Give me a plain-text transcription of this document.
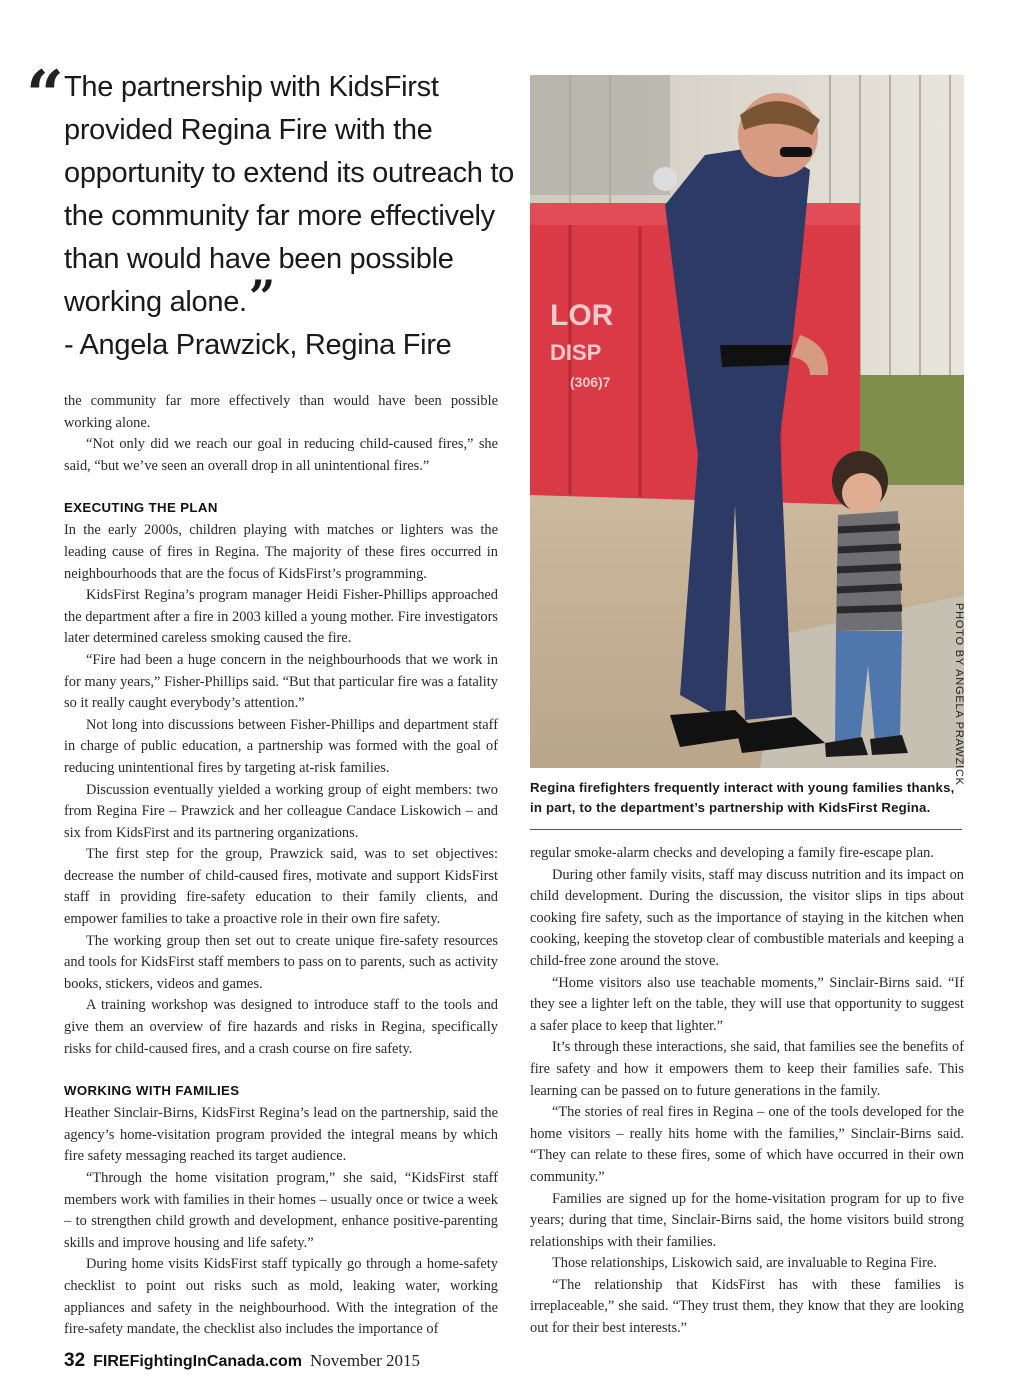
“ The partnership with KidsFirst provided Regina Fire with the opportunity to extend its outreach to the community far more effectively than would have been possible working alone.”
- Angela Prawzick, Regina Fire

the community far more effectively than would have been possible working alone.

“Not only did we reach our goal in reducing child-caused fires,” she said, “but we’ve seen an overall drop in all unintentional fires.”

EXECUTING THE PLAN

In the early 2000s, children playing with matches or lighters was the leading cause of fires in Regina. The majority of these fires occurred in neighbourhoods that are the focus of KidsFirst’s programming.

KidsFirst Regina’s program manager Heidi Fisher-Phillips approached the department after a fire in 2003 killed a young mother. Fire investigators later determined careless smoking caused the fire.

“Fire had been a huge concern in the neighbourhoods that we work in for many years,” Fisher-Phillips said. “But that particular fire was a fatality so it really caught everybody’s attention.”

Not long into discussions between Fisher-Phillips and department staff in charge of public education, a partnership was formed with the goal of reducing unintentional fires by targeting at-risk families.

Discussion eventually yielded a working group of eight members: two from Regina Fire – Prawzick and her colleague Candace Liskowich – and six from KidsFirst and its partnering organizations.

The first step for the group, Prawzick said, was to set objectives: decrease the number of child-caused fires, motivate and support KidsFirst staff in providing fire-safety education to their family clients, and empower families to take a proactive role in their own fire safety.

The working group then set out to create unique fire-safety resources and tools for KidsFirst staff members to pass on to parents, such as activity books, stickers, videos and games.

A training workshop was designed to introduce staff to the tools and give them an overview of fire hazards and risks in Regina, specifically risks for child-caused fires, and a crash course on fire safety.

WORKING WITH FAMILIES

Heather Sinclair-Birns, KidsFirst Regina’s lead on the partnership, said the agency’s home-visitation program provided the integral means by which fire safety messaging reached its target audience.

“Through the home visitation program,” she said, “KidsFirst staff members work with families in their homes – usually once or twice a week – to strengthen child growth and development, enhance positive-parenting skills and improve housing and life safety.”

During home visits KidsFirst staff typically go through a home-safety checklist to point out risks such as mold, leaking water, working appliances and safety in the neighbourhood. With the integration of the fire-safety mandate, the checklist also includes the importance of

LOR
DISP
(306)7
PHOTO BY ANGELA PRAWZICK
Regina firefighters frequently interact with young families thanks, in part, to the department’s partnership with KidsFirst Regina.

regular smoke-alarm checks and developing a family fire-escape plan.

During other family visits, staff may discuss nutrition and its impact on child development. During the discussion, the visitor slips in tips about cooking fire safety, such as the importance of staying in the kitchen when cooking, keeping the stovetop clear of combustible materials and keeping a child-free zone around the stove.

“Home visitors also use teachable moments,” Sinclair-Birns said. “If they see a lighter left on the table, they will use that opportunity to suggest a safer place to keep that lighter.”

It’s through these interactions, she said, that families see the benefits of fire safety and how it empowers them to keep their families safe. This learning can be passed on to future generations in the family.

“The stories of real fires in Regina – one of the tools developed for the home visitors – really hits home with the families,” Sinclair-Birns said. “They can relate to these fires, some of which have occurred in their own community.”

Families are signed up for the home-visitation program for up to five years; during that time, Sinclair-Birns said, the home visitors build strong relationships with their families.

Those relationships, Liskowich said, are invaluable to Regina Fire.

“The relationship that KidsFirst has with these families is irreplaceable,” she said. “They trust them, they know that they are looking out for their best interests.”

32 FIREFightingInCanada.com November 2015
